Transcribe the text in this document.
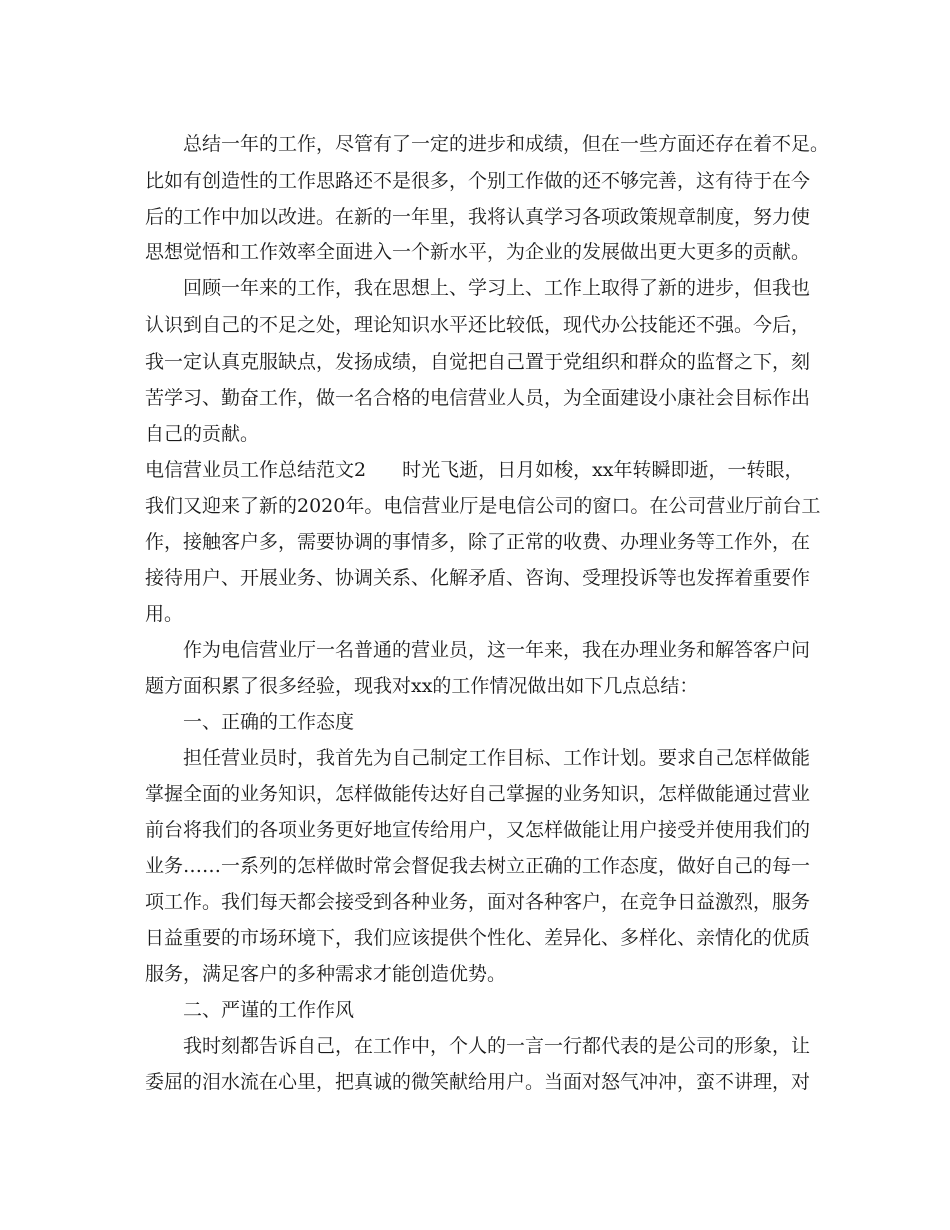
总结一年的工作，尽管有了一定的进步和成绩，但在一些方面还存在着不足。

比如有创造性的工作思路还不是很多，个别工作做的还不够完善，这有待于在今

后的工作中加以改进。在新的一年里，我将认真学习各项政策规章制度，努力使

思想觉悟和工作效率全面进入一个新水平，为企业的发展做出更大更多的贡献。

回顾一年来的工作，我在思想上、学习上、工作上取得了新的进步，但我也

认识到自己的不足之处，理论知识水平还比较低，现代办公技能还不强。今后，

我一定认真克服缺点，发扬成绩，自觉把自己置于党组织和群众的监督之下，刻

苦学习、勤奋工作，做一名合格的电信营业人员，为全面建设小康社会目标作出

自己的贡献。

电信营业员工作总结范文2 时光飞逝，日月如梭，xx年转瞬即逝，一转眼，

我们又迎来了新的2020年。电信营业厅是电信公司的窗口。在公司营业厅前台工

作，接触客户多，需要协调的事情多，除了正常的收费、办理业务等工作外，在

接待用户、开展业务、协调关系、化解矛盾、咨询、受理投诉等也发挥着重要作

用。

作为电信营业厅一名普通的营业员，这一年来，我在办理业务和解答客户问

题方面积累了很多经验，现我对xx的工作情况做出如下几点总结：

一、正确的工作态度

担任营业员时，我首先为自己制定工作目标、工作计划。要求自己怎样做能

掌握全面的业务知识，怎样做能传达好自己掌握的业务知识，怎样做能通过营业

前台将我们的各项业务更好地宣传给用户，又怎样做能让用户接受并使用我们的

业务……一系列的怎样做时常会督促我去树立正确的工作态度，做好自己的每一

项工作。我们每天都会接受到各种业务，面对各种客户，在竞争日益激烈，服务

日益重要的市场环境下，我们应该提供个性化、差异化、多样化、亲情化的优质

服务，满足客户的多种需求才能创造优势。

二、严谨的工作作风

我时刻都告诉自己，在工作中，个人的一言一行都代表的是公司的形象，让

委屈的泪水流在心里，把真诚的微笑献给用户。当面对怒气冲冲，蛮不讲理，对
